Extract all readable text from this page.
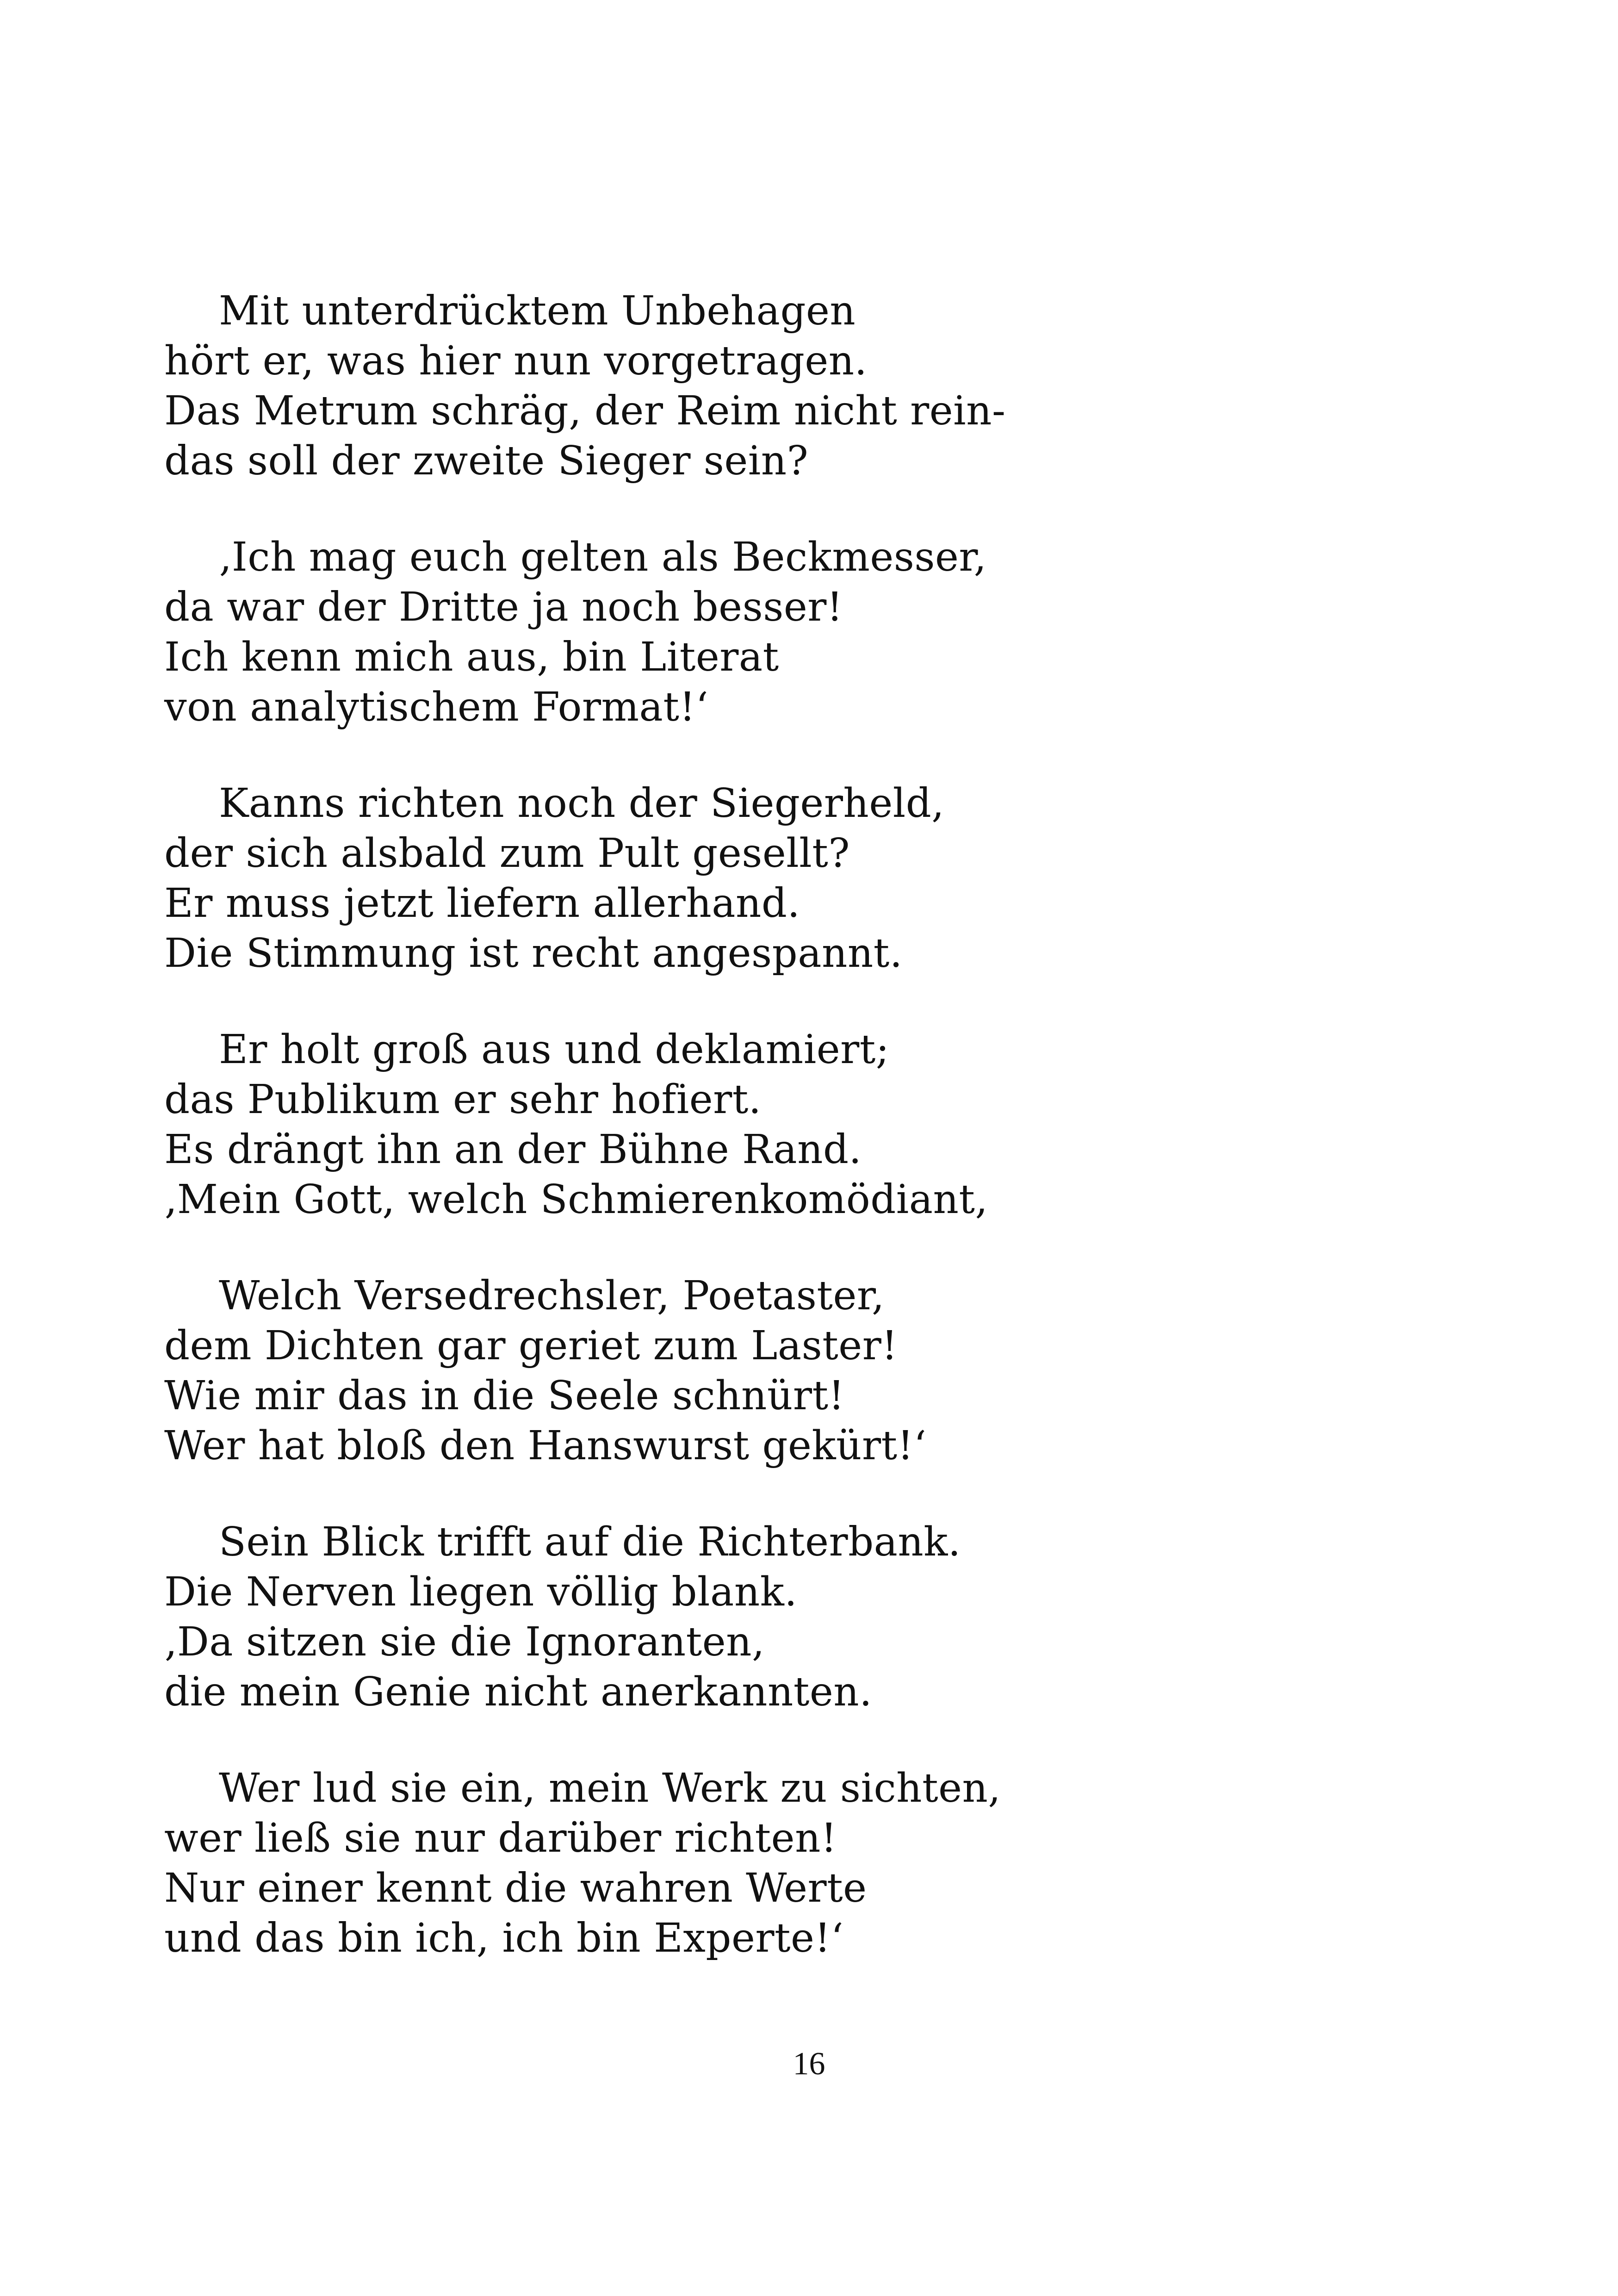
Mit unterdrücktem Unbehagen
hört er, was hier nun vorgetragen.
Das Metrum schräg, der Reim nicht rein-
das soll der zweite Sieger sein?
‚Ich mag euch gelten als Beckmesser,
da war der Dritte ja noch besser!
Ich kenn mich aus, bin Literat
von analytischem Format!‘
Kanns richten noch der Siegerheld,
der sich alsbald zum Pult gesellt?
Er muss jetzt liefern allerhand.
Die Stimmung ist recht angespannt.
Er holt groß aus und deklamiert;
das Publikum er sehr hofiert.
Es drängt ihn an der Bühne Rand.
‚Mein Gott, welch Schmierenkomödiant,
Welch Versedrechsler, Poetaster,
dem Dichten gar geriet zum Laster!
Wie mir das in die Seele schnürt!
Wer hat bloß den Hanswurst gekürt!‘
Sein Blick trifft auf die Richterbank.
Die Nerven liegen völlig blank.
‚Da sitzen sie die Ignoranten,
die mein Genie nicht anerkannten.
Wer lud sie ein, mein Werk zu sichten,
wer ließ sie nur darüber richten!
Nur einer kennt die wahren Werte
und das bin ich, ich bin Experte!‘
16
